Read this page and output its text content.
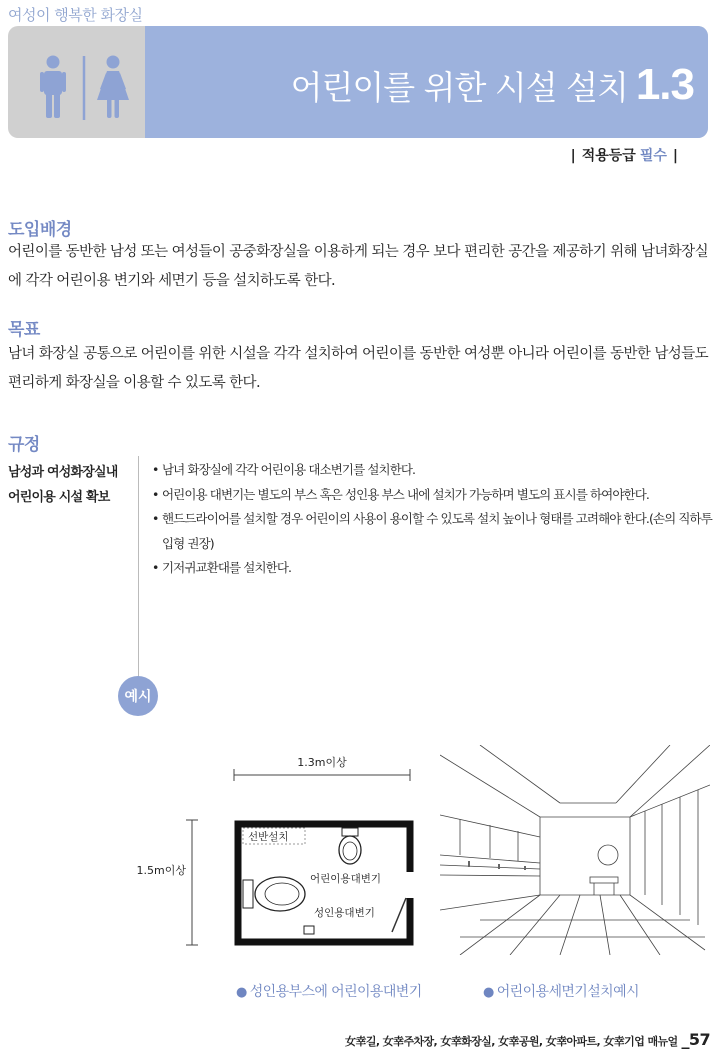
여성이 행복한 화장실
어린이를 위한 시설 설치 1.3
| 적용등급 필수 |
도입배경
어린이를 동반한 남성 또는 여성들이 공중화장실을 이용하게 되는 경우 보다 편리한 공간을 제공하기 위해 남녀화장실에 각각 어린이용 변기와 세면기 등을 설치하도록 한다.
목표
남녀 화장실 공통으로 어린이를 위한 시설을 각각 설치하여 어린이를 동반한 여성뿐 아니라 어린이를 동반한 남성들도 편리하게 화장실을 이용할 수 있도록 한다.
규정
남성과 여성화장실내
어린이용 시설 확보
• 남녀 화장실에 각각 어린이용 대소변기를 설치한다.
• 어린이용 대변기는 별도의 부스 혹은 성인용 부스 내에 설치가 가능하며 별도의 표시를 하여야한다.
• 핸드드라이어를 설치할 경우 어린이의 사용이 용이할 수 있도록 설치 높이나 형태를 고려해야 한다.(손의 직하투입형 권장)
• 기저귀교환대를 설치한다.
예시
1.3m이상
1.5m이상
선반설치
어린이용대변기
성인용대변기
● 성인용부스에 어린이용대변기	● 어린이용세면기설치예시
女幸길, 女幸주차장, 女幸화장실, 女幸공원, 女幸아파트, 女幸기업 매뉴얼 _57
